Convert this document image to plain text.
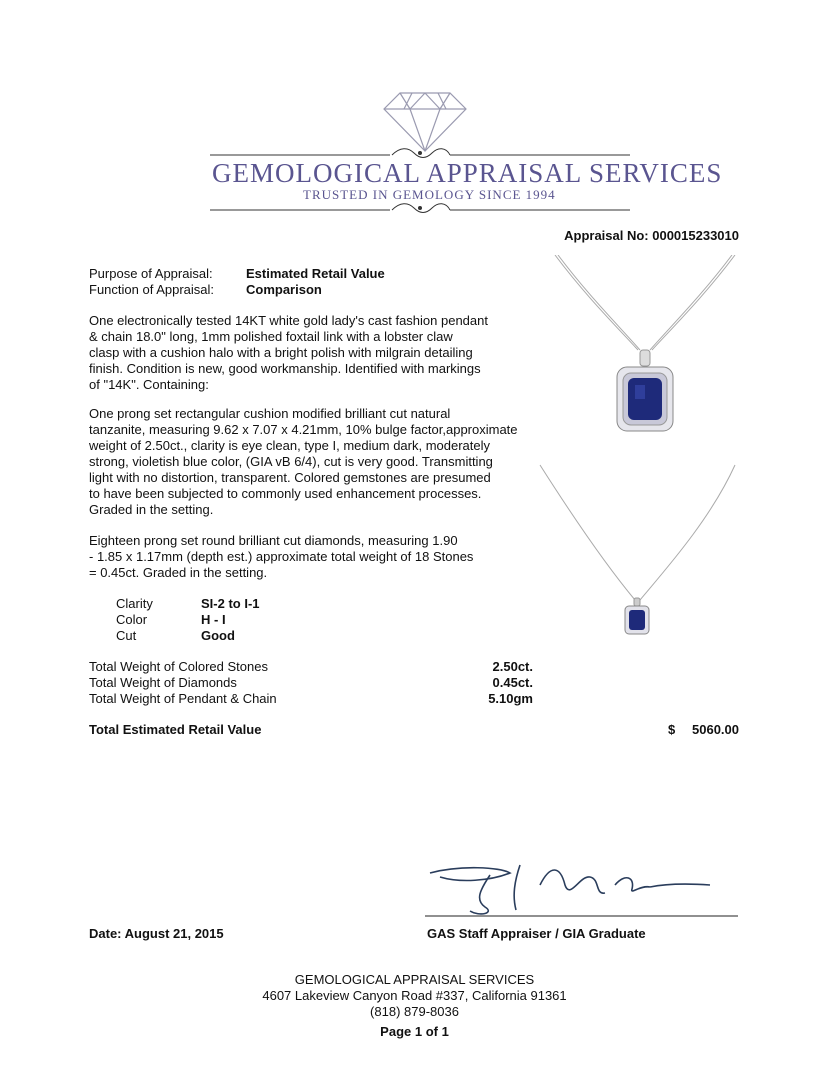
GEMOLOGICAL APPRAISAL SERVICES
TRUSTED IN GEMOLOGY SINCE 1994
Appraisal No: 000015233010
Purpose of Appraisal:	Estimated Retail Value
Function of Appraisal: Comparison
One electronically tested 14KT white gold lady's cast fashion pendant
& chain 18.0" long, 1mm polished foxtail link with a lobster claw
clasp with a cushion halo with a bright polish with milgrain detailing
finish. Condition is new, good workmanship. Identified with markings
of "14K". Containing:
One prong set rectangular cushion modified brilliant cut natural
tanzanite, measuring 9.62 x 7.07 x 4.21mm, 10% bulge factor,approximate
weight of 2.50ct., clarity is eye clean, type I, medium dark, moderately
strong, violetish blue color, (GIA vB 6/4), cut is very good. Transmitting
light with no distortion, transparent. Colored gemstones are presumed
to have been subjected to commonly used enhancement processes.
Graded in the setting.
Eighteen prong set round brilliant cut diamonds, measuring 1.90
- 1.85 x 1.17mm (depth est.) approximate total weight of 18 Stones
= 0.45ct. Graded in the setting.
Clarity	SI-2 to I-1
Color	H - I
Cut	Good
Total Weight of Colored Stones	2.50ct.
Total Weight of Diamonds	0.45ct.
Total Weight of Pendant & Chain	5.10gm
Total Estimated Retail Value	$ 5060.00
Date: August 21, 2015	GAS Staff Appraiser / GIA Graduate
GEMOLOGICAL APPRAISAL SERVICES
4607 Lakeview Canyon Road #337, California 91361
(818) 879-8036
Page 1 of 1
